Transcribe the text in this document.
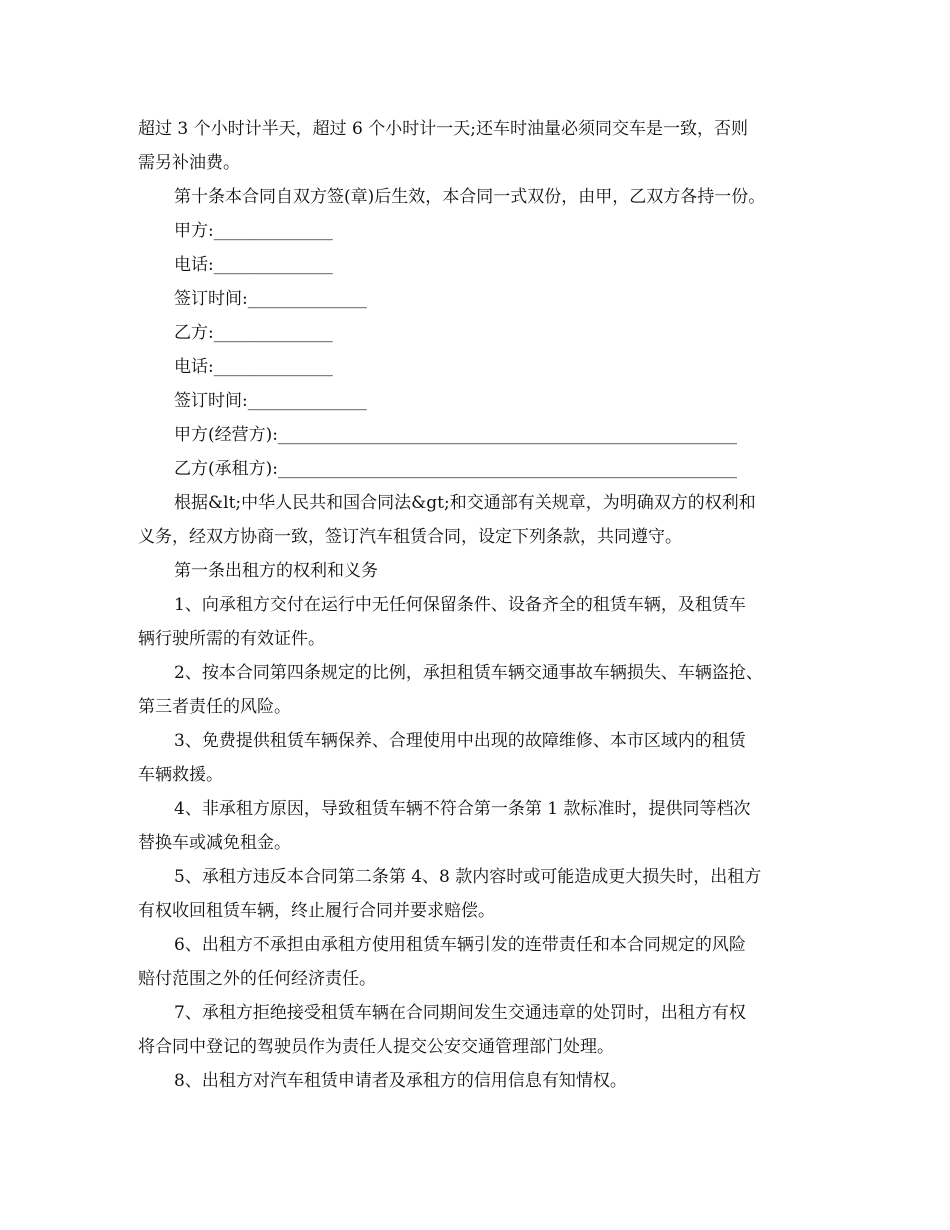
超过 3 个小时计半天，超过 6 个小时计一天;还车时油量必须同交车是一致，否则
需另补油费。
第十条本合同自双方签(章)后生效，本合同一式双份，由甲，乙双方各持一份。
甲方:______________
电话:______________
签订时间:______________
乙方:______________
电话:______________
签订时间:______________
甲方(经营方):______________________________________________________
乙方(承租方):______________________________________________________
根据&lt;中华人民共和国合同法&gt;和交通部有关规章，为明确双方的权利和
义务，经双方协商一致，签订汽车租赁合同，设定下列条款，共同遵守。
第一条出租方的权利和义务
1、向承租方交付在运行中无任何保留条件、设备齐全的租赁车辆，及租赁车
辆行驶所需的有效证件。
2、按本合同第四条规定的比例，承担租赁车辆交通事故车辆损失、车辆盗抢、
第三者责任的风险。
3、免费提供租赁车辆保养、合理使用中出现的故障维修、本市区域内的租赁
车辆救援。
4、非承租方原因，导致租赁车辆不符合第一条第 1 款标准时，提供同等档次
替换车或减免租金。
5、承租方违反本合同第二条第 4、8 款内容时或可能造成更大损失时，出租方
有权收回租赁车辆，终止履行合同并要求赔偿。
6、出租方不承担由承租方使用租赁车辆引发的连带责任和本合同规定的风险
赔付范围之外的任何经济责任。
7、承租方拒绝接受租赁车辆在合同期间发生交通违章的处罚时，出租方有权
将合同中登记的驾驶员作为责任人提交公安交通管理部门处理。
8、出租方对汽车租赁申请者及承租方的信用信息有知情权。
